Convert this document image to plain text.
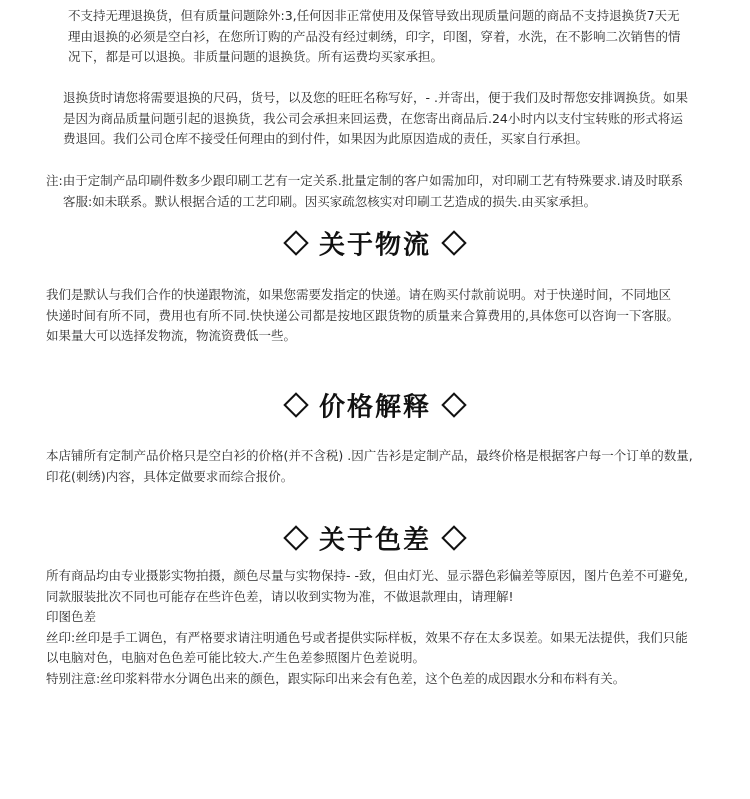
不支持无理退换货，但有质量问题除外:3,任何因非正常使用及保管导致出现质量问题的商品不支持退换货7天无
理由退换的必须是空白衫，在您所订购的产品没有经过刺绣，印字，印图，穿着，水洗，在不影响二次销售的情
况下，都是可以退换。非质量问题的退换货。所有运费均买家承担。
退换货时请您将需要退换的尺码，货号，以及您的旺旺名称写好，- .并寄出，便于我们及时帮您安排调换货。如果
是因为商品质量问题引起的退换货，我公司会承担来回运费，在您寄出商品后.24小时内以支付宝转账的形式将运
费退回。我们公司仓库不接受任何理由的到付件，如果因为此原因造成的责任，买家自行承担。
注:由于定制产品印刷件数多少跟印刷工艺有一定关系.批量定制的客户如需加印，对印刷工艺有特殊要求.请及时联系
客服:如未联系。默认根据合适的工艺印刷。因买家疏忽核实对印刷工艺造成的损失.由买家承担。
关于物流
我们是默认与我们合作的快递跟物流，如果您需要发指定的快递。请在购买付款前说明。对于快递时间，不同地区
快递时间有所不同，费用也有所不同.快快递公司都是按地区跟货物的质量来合算费用的,具体您可以咨询一下客服。
如果量大可以选择发物流，物流资费低一些。
价格解释
本店铺所有定制产品价格只是空白衫的价格(并不含税) .因广告衫是定制产品，最终价格是根据客户每一个订单的数量,
印花(刺绣)内容，具体定做要求而综合报价。
关于色差
所有商品均由专业摄影实物拍摄，颜色尽量与实物保持- -致，但由灯光、显示器色彩偏差等原因，图片色差不可避免,
同款服装批次不同也可能存在些许色差，请以收到实物为准，不做退款理由，请理解!
印图色差
丝印:丝印是手工调色，有严格要求请注明通色号或者提供实际样板，效果不存在太多误差。如果无法提供，我们只能
以电脑对色，电脑对色色差可能比较大.产生色差参照图片色差说明。
特别注意:丝印浆料带水分调色出来的颜色，跟实际印出来会有色差，这个色差的成因跟水分和布料有关。
